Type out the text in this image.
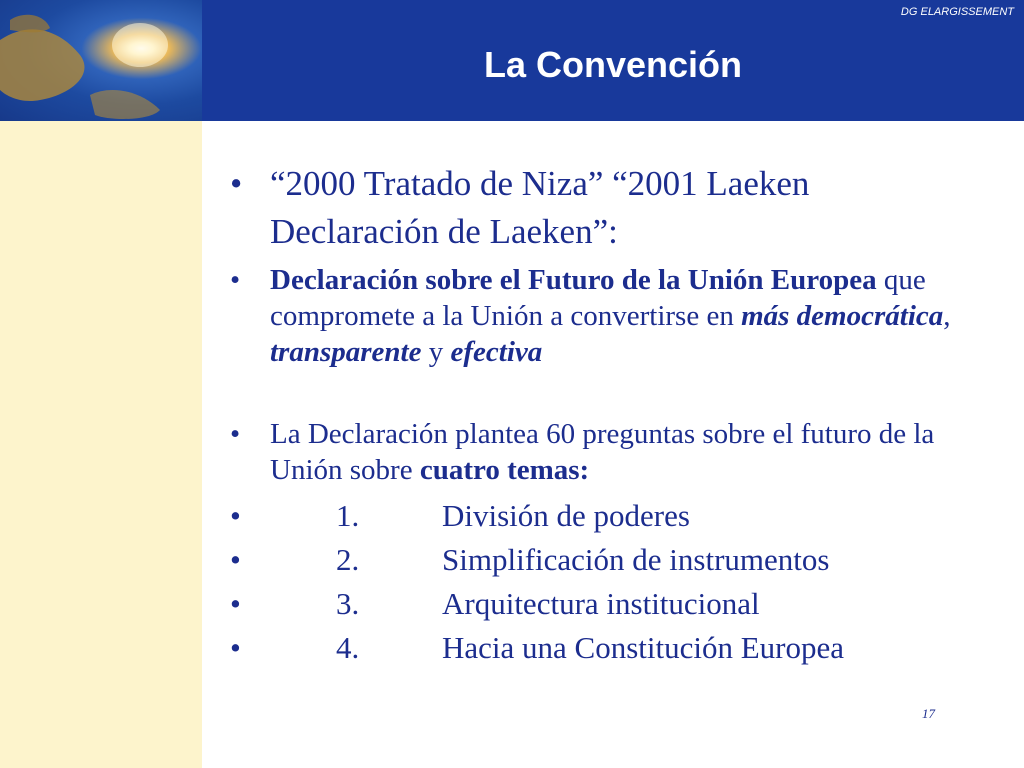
DG ELARGISSEMENT
La Convención
• “2000 Tratado de Niza” “2001 Laeken Declaración de Laeken”:
•	Declaración sobre el Futuro de la Unión Europea que compromete a la Unión a convertirse en más democrática, transparente y efectiva
•	La Declaración plantea 60 preguntas sobre el futuro de la Unión sobre cuatro temas:
•	1.	División de poderes
•	2.	Simplificación de instrumentos
•	3.	Arquitectura institucional
•	4.	Hacia una Constitución Europea
17
